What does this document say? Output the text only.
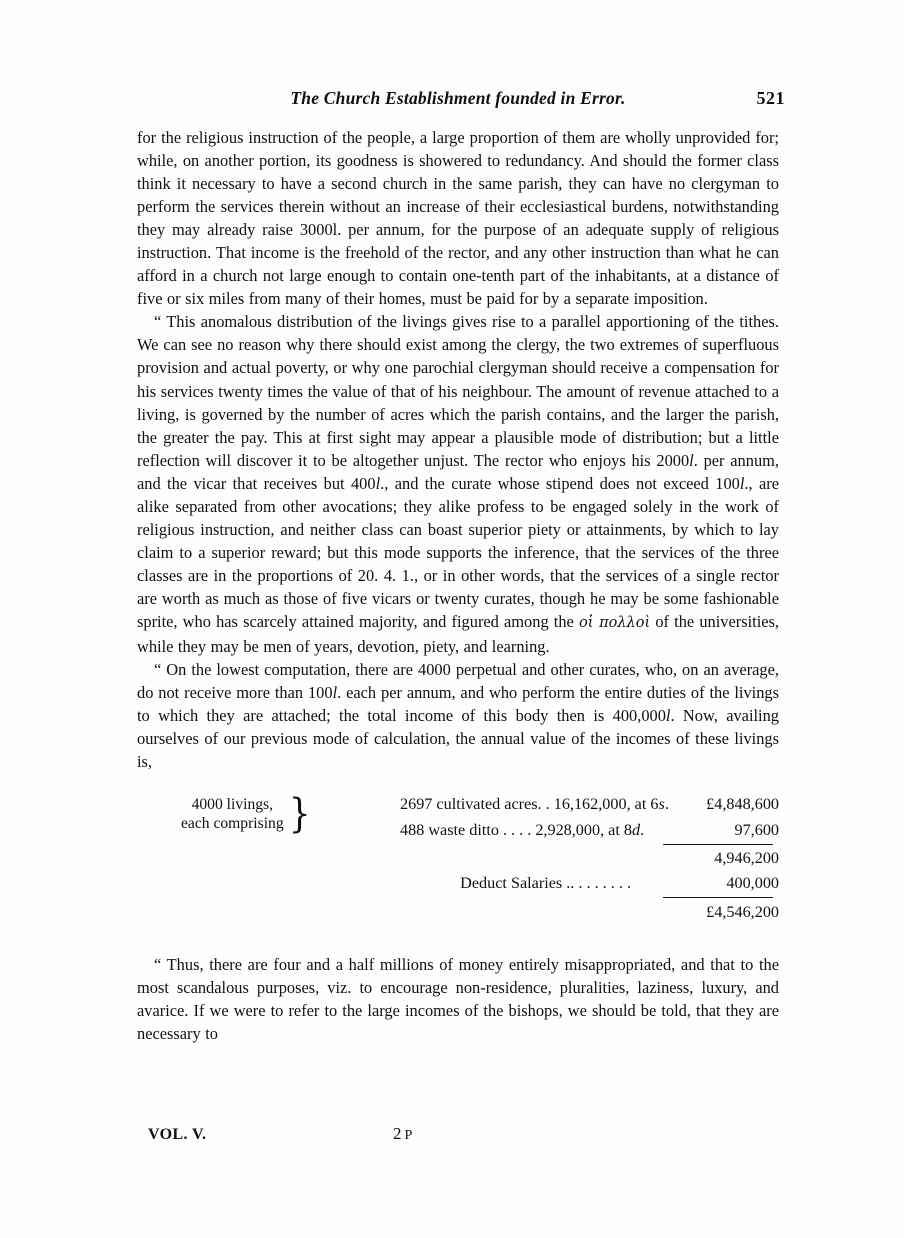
The Church Establishment founded in Error.	521

for the religious instruction of the people, a large proportion of them are wholly unprovided for; while, on another portion, its goodness is showered to redundancy. And should the former class think it necessary to have a second church in the same parish, they can have no clergyman to perform the services therein without an increase of their ecclesiastical burdens, notwithstanding they may already raise 3000l. per annum, for the purpose of an adequate supply of religious instruction. That income is the freehold of the rector, and any other instruction than what he can afford in a church not large enough to contain one-tenth part of the inhabitants, at a distance of five or six miles from many of their homes, must be paid for by a separate imposition.

“ This anomalous distribution of the livings gives rise to a parallel apportioning of the tithes. We can see no reason why there should exist among the clergy, the two extremes of superfluous provision and actual poverty, or why one parochial clergyman should receive a compensation for his services twenty times the value of that of his neighbour. The amount of revenue attached to a living, is governed by the number of acres which the parish contains, and the larger the parish, the greater the pay. This at first sight may appear a plausible mode of distribution; but a little reflection will discover it to be altogether unjust. The rector who enjoys his 2000l. per annum, and the vicar that receives but 400l., and the curate whose stipend does not exceed 100l., are alike separated from other avocations; they alike profess to be engaged solely in the work of religious instruction, and neither class can boast superior piety or attainments, by which to lay claim to a superior reward; but this mode supports the inference, that the services of the three classes are in the proportions of 20. 4. 1., or in other words, that the services of a single rector are worth as much as those of five vicars or twenty curates, though he may be some fashionable sprite, who has scarcely attained majority, and figured among the οἱ πολλοὶ of the universities, while they may be men of years, devotion, piety, and learning.

“ On the lowest computation, there are 4000 perpetual and other curates, who, on an average, do not receive more than 100l. each per annum, and who perform the entire duties of the livings to which they are attached; the total income of this body then is 400,000l. Now, availing ourselves of our previous mode of calculation, the annual value of the incomes of these livings is,

4000 livings,
each comprising }	2697 cultivated acres. . 16,162,000, at 6s.	£4,848,600
488 waste ditto . . . . 2,928,000, at 8d.	97,600
4,946,200
Deduct Salaries .. . . . . . . .	400,000
£4,546,200

“ Thus, there are four and a half millions of money entirely misappropriated, and that to the most scandalous purposes, viz. to encourage non-residence, pluralities, laziness, luxury, and avarice. If we were to refer to the large incomes of the bishops, we should be told, that they are necessary to

VOL. V.	2 P
